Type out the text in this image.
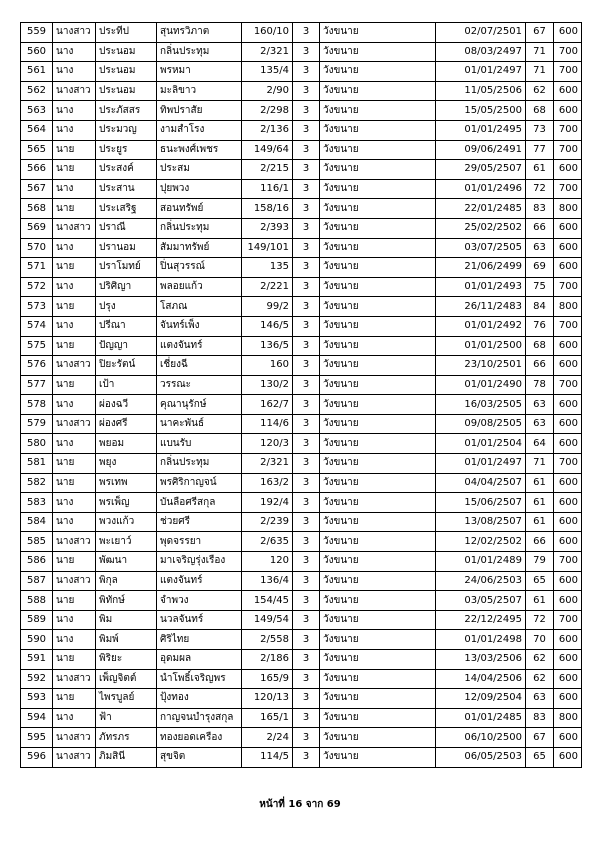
559	นางสาว	ประทีป	สุนทรวิภาต	160/10	3	วังขนาย	02/07/2501	67	600
560	นาง	ประนอม	กลิ่นประทุม	2/321	3	วังขนาย	08/03/2497	71	700
561	นาง	ประนอม	พรหมา	135/4	3	วังขนาย	01/01/2497	71	700
562	นางสาว	ประนอม	มะลิขาว	2/90	3	วังขนาย	11/05/2506	62	600
563	นาง	ประภัสสร	ทิพปราสัย	2/298	3	วังขนาย	15/05/2500	68	600
564	นาง	ประมวญ	งามสำโรง	2/136	3	วังขนาย	01/01/2495	73	700
565	นาย	ประยูร	ธนะพงศ์เพชร	149/64	3	วังขนาย	09/06/2491	77	700
566	นาย	ประสงค์	ประสม	2/215	3	วังขนาย	29/05/2507	61	600
567	นาง	ประสาน	ปุยพวง	116/1	3	วังขนาย	01/01/2496	72	700
568	นาย	ประเสริฐ	สอนทรัพย์	158/16	3	วังขนาย	22/01/2485	83	800
569	นางสาว	ปราณี	กลิ่นประทุม	2/393	3	วังขนาย	25/02/2502	66	600
570	นาง	ปรานอม	สัมมาทรัพย์	149/101	3	วังขนาย	03/07/2505	63	600
571	นาย	ปราโมทย์	ปิ่นสุวรรณ์	135	3	วังขนาย	21/06/2499	69	600
572	นาง	ปริศิญา	พลอยแก้ว	2/221	3	วังขนาย	01/01/2493	75	700
573	นาย	ปรุง	โสภณ	99/2	3	วังขนาย	26/11/2483	84	800
574	นาง	ปรีณา	จันทร์เพ็ง	146/5	3	วังขนาย	01/01/2492	76	700
575	นาย	ปัญญา	แตงจันทร์	136/5	3	วังขนาย	01/01/2500	68	600
576	นางสาว	ปิยะรัตน์	เชี่ยงฉี	160	3	วังขนาย	23/10/2501	66	600
577	นาย	เป้า	วรรณะ	130/2	3	วังขนาย	01/01/2490	78	700
578	นาง	ผ่องฉวี	คุณานุรักษ์	162/7	3	วังขนาย	16/03/2505	63	600
579	นางสาว	ผ่องศรี	นาคะพันธ์	114/6	3	วังขนาย	09/08/2505	63	600
580	นาง	พยอม	แบนรับ	120/3	3	วังขนาย	01/01/2504	64	600
581	นาย	พยุง	กลิ่นประทุม	2/321	3	วังขนาย	01/01/2497	71	700
582	นาย	พรเทพ	พรศิริกาญจน์	163/2	3	วังขนาย	04/04/2507	61	600
583	นาง	พรเพ็ญ	บันลือศรีสกุล	192/4	3	วังขนาย	15/06/2507	61	600
584	นาง	พวงแก้ว	ช่วยศรี	2/239	3	วังขนาย	13/08/2507	61	600
585	นางสาว	พะเยาว์	พุดจรรยา	2/635	3	วังขนาย	12/02/2502	66	600
586	นาย	พัฒนา	มาเจริญรุ่งเรือง	120	3	วังขนาย	01/01/2489	79	700
587	นางสาว	พิกุล	แตงจันทร์	136/4	3	วังขนาย	24/06/2503	65	600
588	นาย	พิทักษ์	จำพวง	154/45	3	วังขนาย	03/05/2507	61	600
589	นาง	พิม	นวลจันทร์	149/54	3	วังขนาย	22/12/2495	72	700
590	นาง	พิมพ์	ศิริไทย	2/558	3	วังขนาย	01/01/2498	70	600
591	นาย	พิริยะ	อุดมผล	2/186	3	วังขนาย	13/03/2506	62	600
592	นางสาว	เพ็ญจิตต์	นำโพธิ์เจริญพร	165/9	3	วังขนาย	14/04/2506	62	600
593	นาย	ไพรบูลย์	ปุ้งทอง	120/13	3	วังขนาย	12/09/2504	63	600
594	นาง	ฟ้า	กาญจนบำรุงสกุล	165/1	3	วังขนาย	01/01/2485	83	800
595	นางสาว	ภัทรภร	ทองยอดเครือง	2/24	3	วังขนาย	06/10/2500	67	600
596	นางสาว	ภิมสินี	สุขจิต	114/5	3	วังขนาย	06/05/2503	65	600
หน้าที่ 16 จาก 69
